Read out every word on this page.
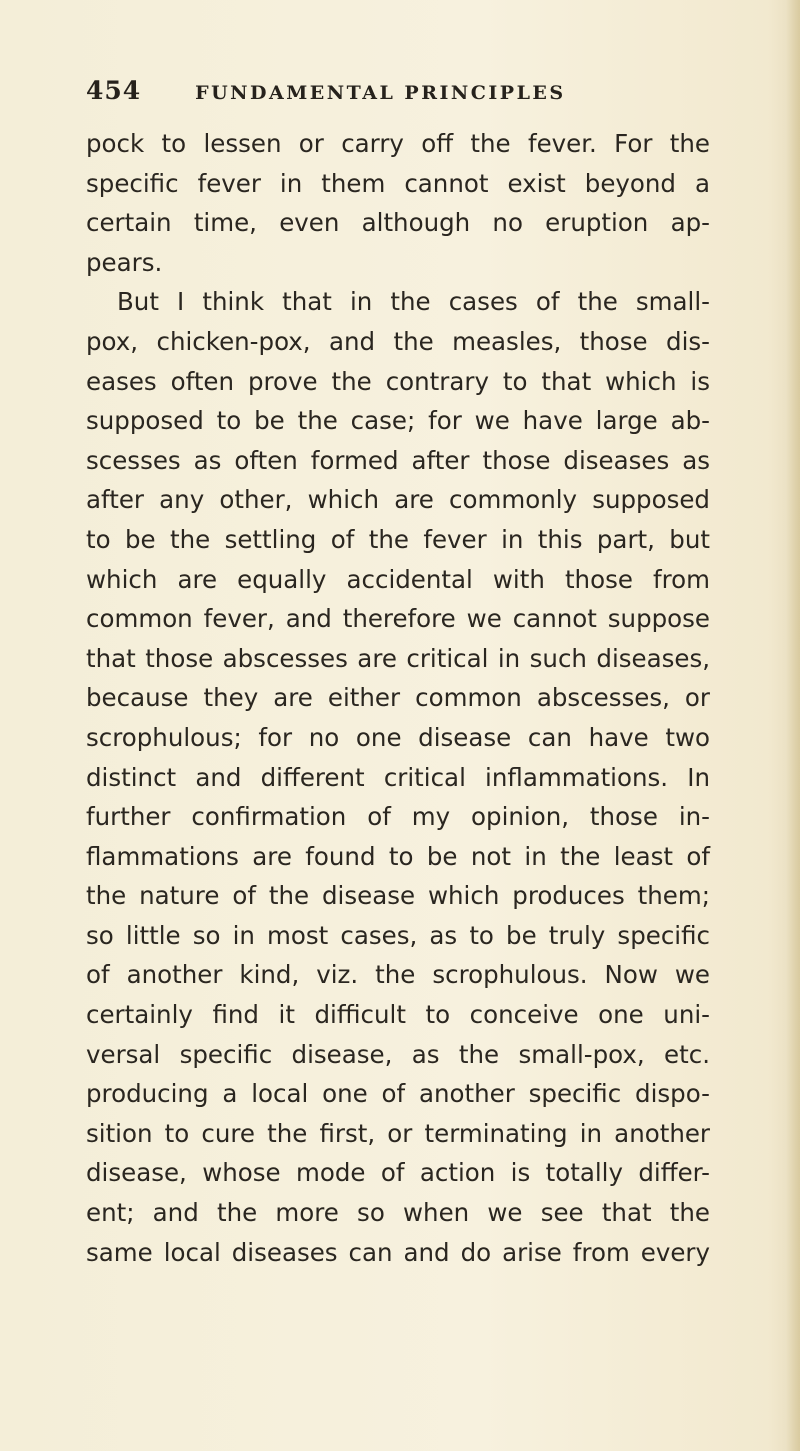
454	FUNDAMENTAL PRINCIPLES
pock to lessen or carry off the fever. For the
specific fever in them cannot exist beyond a
certain time, even although no eruption ap-
pears.
But I think that in the cases of the small-
pox, chicken-pox, and the measles, those dis-
eases often prove the contrary to that which is
supposed to be the case; for we have large ab-
scesses as often formed after those diseases as
after any other, which are commonly supposed
to be the settling of the fever in this part, but
which are equally accidental with those from
common fever, and therefore we cannot suppose
that those abscesses are critical in such diseases,
because they are either common abscesses, or
scrophulous; for no one disease can have two
distinct and different critical inflammations. In
further confirmation of my opinion, those in-
flammations are found to be not in the least of
the nature of the disease which produces them;
so little so in most cases, as to be truly specific
of another kind, viz. the scrophulous. Now we
certainly find it difficult to conceive one uni-
versal specific disease, as the small-pox, etc.
producing a local one of another specific dispo-
sition to cure the first, or terminating in another
disease, whose mode of action is totally differ-
ent; and the more so when we see that the
same local diseases can and do arise from every
